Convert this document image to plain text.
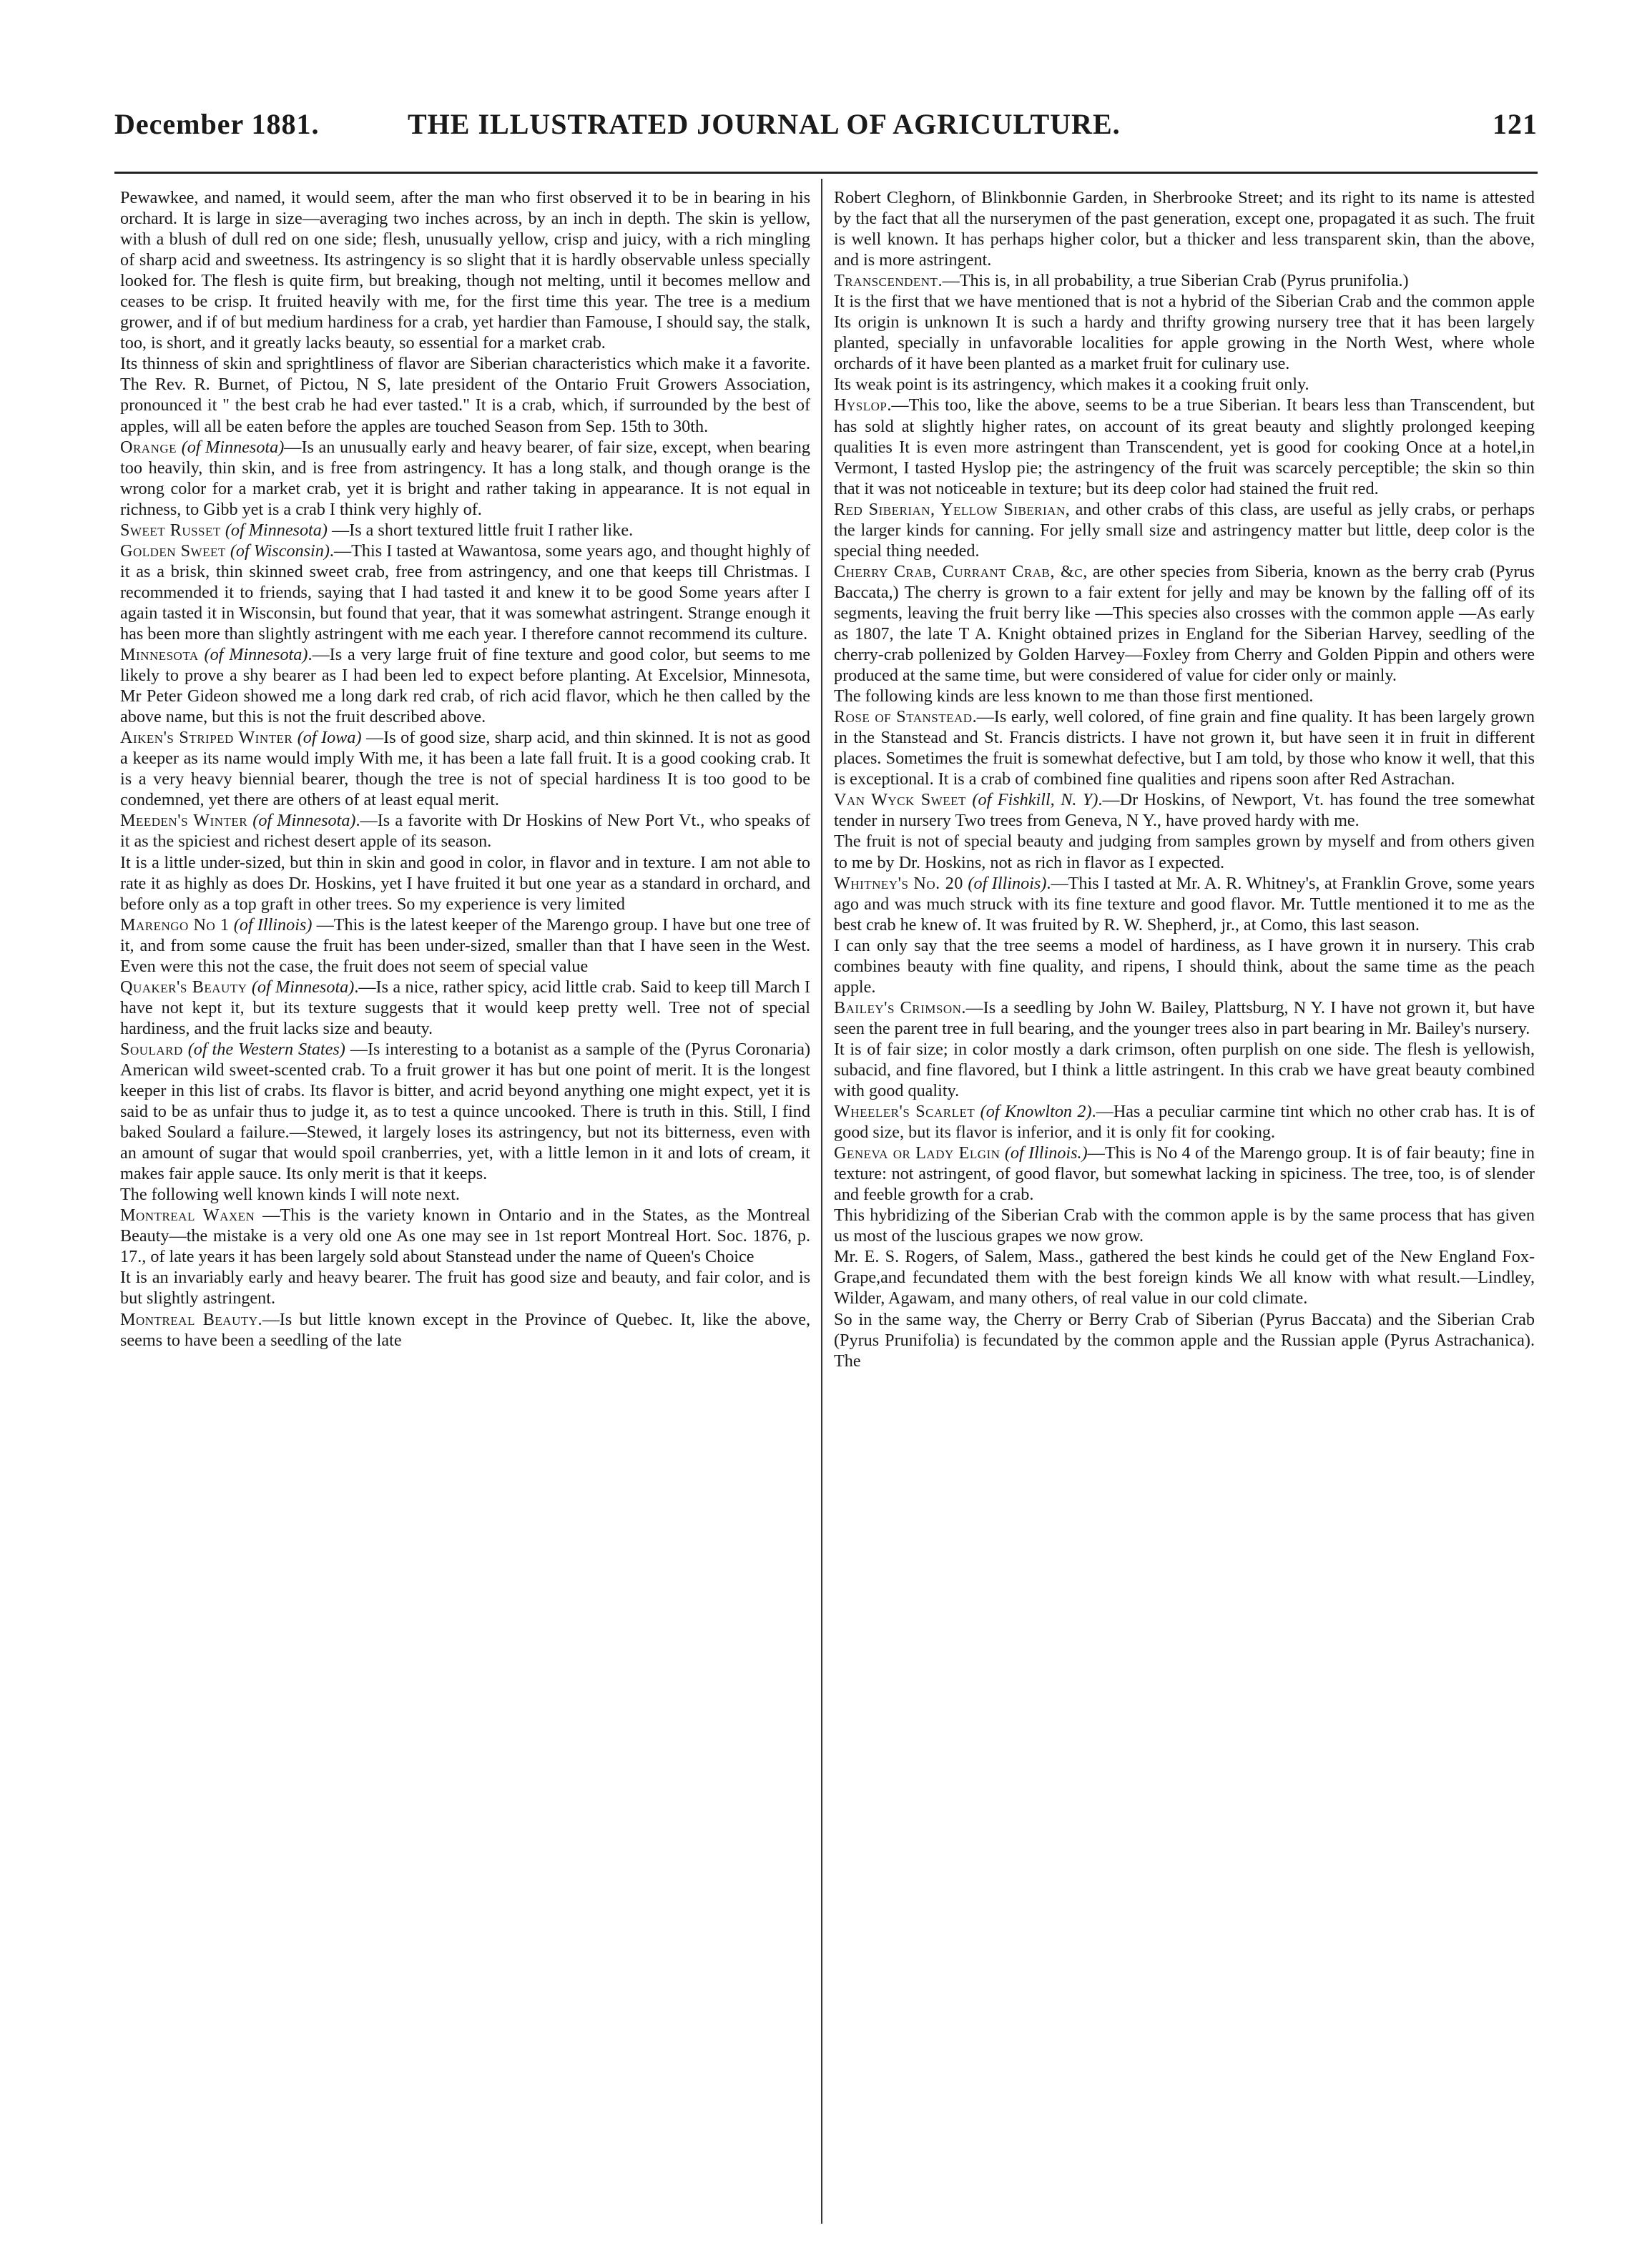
December 1881.	THE ILLUSTRATED JOURNAL OF AGRICULTURE.	121

Pewawkee, and named, it would seem, after the man who first observed it to be in bearing in his orchard. It is large in size—averaging two inches across, by an inch in depth. The skin is yellow, with a blush of dull red on one side; flesh, unusually yellow, crisp and juicy, with a rich mingling of sharp acid and sweetness. Its astringency is so slight that it is hardly observable unless specially looked for. The flesh is quite firm, but breaking, though not melting, until it becomes mellow and ceases to be crisp. It fruited heavily with me, for the first time this year. The tree is a medium grower, and if of but medium hardiness for a crab, yet hardier than Famouse, I should say, the stalk, too, is short, and it greatly lacks beauty, so essential for a market crab.

Its thinness of skin and sprightliness of flavor are Siberian characteristics which make it a favorite. The Rev. R. Burnet, of Pictou, N S, late president of the Ontario Fruit Growers Association, pronounced it " the best crab he had ever tasted." It is a crab, which, if surrounded by the best of apples, will all be eaten before the apples are touched Season from Sep. 15th to 30th.

Orange (of Minnesota)—Is an unusually early and heavy bearer, of fair size, except, when bearing too heavily, thin skin, and is free from astringency. It has a long stalk, and though orange is the wrong color for a market crab, yet it is bright and rather taking in appearance. It is not equal in richness, to Gibb yet is a crab I think very highly of.

Sweet Russet (of Minnesota) —Is a short textured little fruit I rather like.

Golden Sweet (of Wisconsin).—This I tasted at Wawantosa, some years ago, and thought highly of it as a brisk, thin skinned sweet crab, free from astringency, and one that keeps till Christmas. I recommended it to friends, saying that I had tasted it and knew it to be good Some years after I again tasted it in Wisconsin, but found that year, that it was somewhat astringent. Strange enough it has been more than slightly astringent with me each year. I therefore cannot recommend its culture.

Minnesota (of Minnesota).—Is a very large fruit of fine texture and good color, but seems to me likely to prove a shy bearer as I had been led to expect before planting. At Excelsior, Minnesota, Mr Peter Gideon showed me a long dark red crab, of rich acid flavor, which he then called by the above name, but this is not the fruit described above.

Aiken's Striped Winter (of Iowa) —Is of good size, sharp acid, and thin skinned. It is not as good a keeper as its name would imply With me, it has been a late fall fruit. It is a good cooking crab. It is a very heavy biennial bearer, though the tree is not of special hardiness It is too good to be condemned, yet there are others of at least equal merit.

Meeden's Winter (of Minnesota).—Is a favorite with Dr Hoskins of New Port Vt., who speaks of it as the spiciest and richest desert apple of its season.

It is a little under-sized, but thin in skin and good in color, in flavor and in texture. I am not able to rate it as highly as does Dr. Hoskins, yet I have fruited it but one year as a standard in orchard, and before only as a top graft in other trees. So my experience is very limited

Marengo No 1 (of Illinois) —This is the latest keeper of the Marengo group. I have but one tree of it, and from some cause the fruit has been under-sized, smaller than that I have seen in the West. Even were this not the case, the fruit does not seem of special value

Quaker's Beauty (of Minnesota).—Is a nice, rather spicy, acid little crab. Said to keep till March I have not kept it, but its texture suggests that it would keep pretty well. Tree not of special hardiness, and the fruit lacks size and beauty.

Soulard (of the Western States) —Is interesting to a botanist as a sample of the (Pyrus Coronaria) American wild sweet-scented crab. To a fruit grower it has but one point of merit. It is the longest keeper in this list of crabs. Its flavor is bitter, and acrid beyond anything one might expect, yet it is said to be as unfair thus to judge it, as to test a quince uncooked. There is truth in this. Still, I find baked Soulard a failure.—Stewed, it largely loses its astringency, but not its bitterness, even with an amount of sugar that would spoil cranberries, yet, with a little lemon in it and lots of cream, it makes fair apple sauce. Its only merit is that it keeps.

The following well known kinds I will note next.

Montreal Waxen —This is the variety known in Ontario and in the States, as the Montreal Beauty—the mistake is a very old one As one may see in 1st report Montreal Hort. Soc. 1876, p. 17., of late years it has been largely sold about Stanstead under the name of Queen's Choice

It is an invariably early and heavy bearer. The fruit has good size and beauty, and fair color, and is but slightly astringent.

Montreal Beauty.—Is but little known except in the Province of Quebec. It, like the above, seems to have been a seedling of the late

Robert Cleghorn, of Blinkbonnie Garden, in Sherbrooke Street; and its right to its name is attested by the fact that all the nurserymen of the past generation, except one, propagated it as such. The fruit is well known. It has perhaps higher color, but a thicker and less transparent skin, than the above, and is more astringent.

Transcendent.—This is, in all probability, a true Siberian Crab (Pyrus prunifolia.)

It is the first that we have mentioned that is not a hybrid of the Siberian Crab and the common apple Its origin is unknown It is such a hardy and thrifty growing nursery tree that it has been largely planted, specially in unfavorable localities for apple growing in the North West, where whole orchards of it have been planted as a market fruit for culinary use.

Its weak point is its astringency, which makes it a cooking fruit only.

Hyslop.—This too, like the above, seems to be a true Siberian. It bears less than Transcendent, but has sold at slightly higher rates, on account of its great beauty and slightly prolonged keeping qualities It is even more astringent than Transcendent, yet is good for cooking Once at a hotel,in Vermont, I tasted Hyslop pie; the astringency of the fruit was scarcely perceptible; the skin so thin that it was not noticeable in texture; but its deep color had stained the fruit red.

Red Siberian, Yellow Siberian, and other crabs of this class, are useful as jelly crabs, or perhaps the larger kinds for canning. For jelly small size and astringency matter but little, deep color is the special thing needed.

Cherry Crab, Currant Crab, &c, are other species from Siberia, known as the berry crab (Pyrus Baccata,) The cherry is grown to a fair extent for jelly and may be known by the falling off of its segments, leaving the fruit berry like —This species also crosses with the common apple —As early as 1807, the late T A. Knight obtained prizes in England for the Siberian Harvey, seedling of the cherry-crab pollenized by Golden Harvey—Foxley from Cherry and Golden Pippin and others were produced at the same time, but were considered of value for cider only or mainly.

The following kinds are less known to me than those first mentioned.

Rose of Stanstead.—Is early, well colored, of fine grain and fine quality. It has been largely grown in the Stanstead and St. Francis districts. I have not grown it, but have seen it in fruit in different places. Sometimes the fruit is somewhat defective, but I am told, by those who know it well, that this is exceptional. It is a crab of combined fine qualities and ripens soon after Red Astrachan.

Van Wyck Sweet (of Fishkill, N. Y).—Dr Hoskins, of Newport, Vt. has found the tree somewhat tender in nursery Two trees from Geneva, N Y., have proved hardy with me.

The fruit is not of special beauty and judging from samples grown by myself and from others given to me by Dr. Hoskins, not as rich in flavor as I expected.

Whitney's No. 20 (of Illinois).—This I tasted at Mr. A. R. Whitney's, at Franklin Grove, some years ago and was much struck with its fine texture and good flavor. Mr. Tuttle mentioned it to me as the best crab he knew of. It was fruited by R. W. Shepherd, jr., at Como, this last season.

I can only say that the tree seems a model of hardiness, as I have grown it in nursery. This crab combines beauty with fine quality, and ripens, I should think, about the same time as the peach apple.

Bailey's Crimson.—Is a seedling by John W. Bailey, Plattsburg, N Y. I have not grown it, but have seen the parent tree in full bearing, and the younger trees also in part bearing in Mr. Bailey's nursery.

It is of fair size; in color mostly a dark crimson, often purplish on one side. The flesh is yellowish, subacid, and fine flavored, but I think a little astringent. In this crab we have great beauty combined with good quality.

Wheeler's Scarlet (of Knowlton 2).—Has a peculiar carmine tint which no other crab has. It is of good size, but its flavor is inferior, and it is only fit for cooking.

Geneva or Lady Elgin (of Illinois.)—This is No 4 of the Marengo group. It is of fair beauty; fine in texture: not astringent, of good flavor, but somewhat lacking in spiciness. The tree, too, is of slender and feeble growth for a crab.

This hybridizing of the Siberian Crab with the common apple is by the same process that has given us most of the luscious grapes we now grow.

Mr. E. S. Rogers, of Salem, Mass., gathered the best kinds he could get of the New England Fox-Grape,and fecundated them with the best foreign kinds We all know with what result.—Lindley, Wilder, Agawam, and many others, of real value in our cold climate.

So in the same way, the Cherry or Berry Crab of Siberian (Pyrus Baccata) and the Siberian Crab (Pyrus Prunifolia) is fecundated by the common apple and the Russian apple (Pyrus Astrachanica). The
